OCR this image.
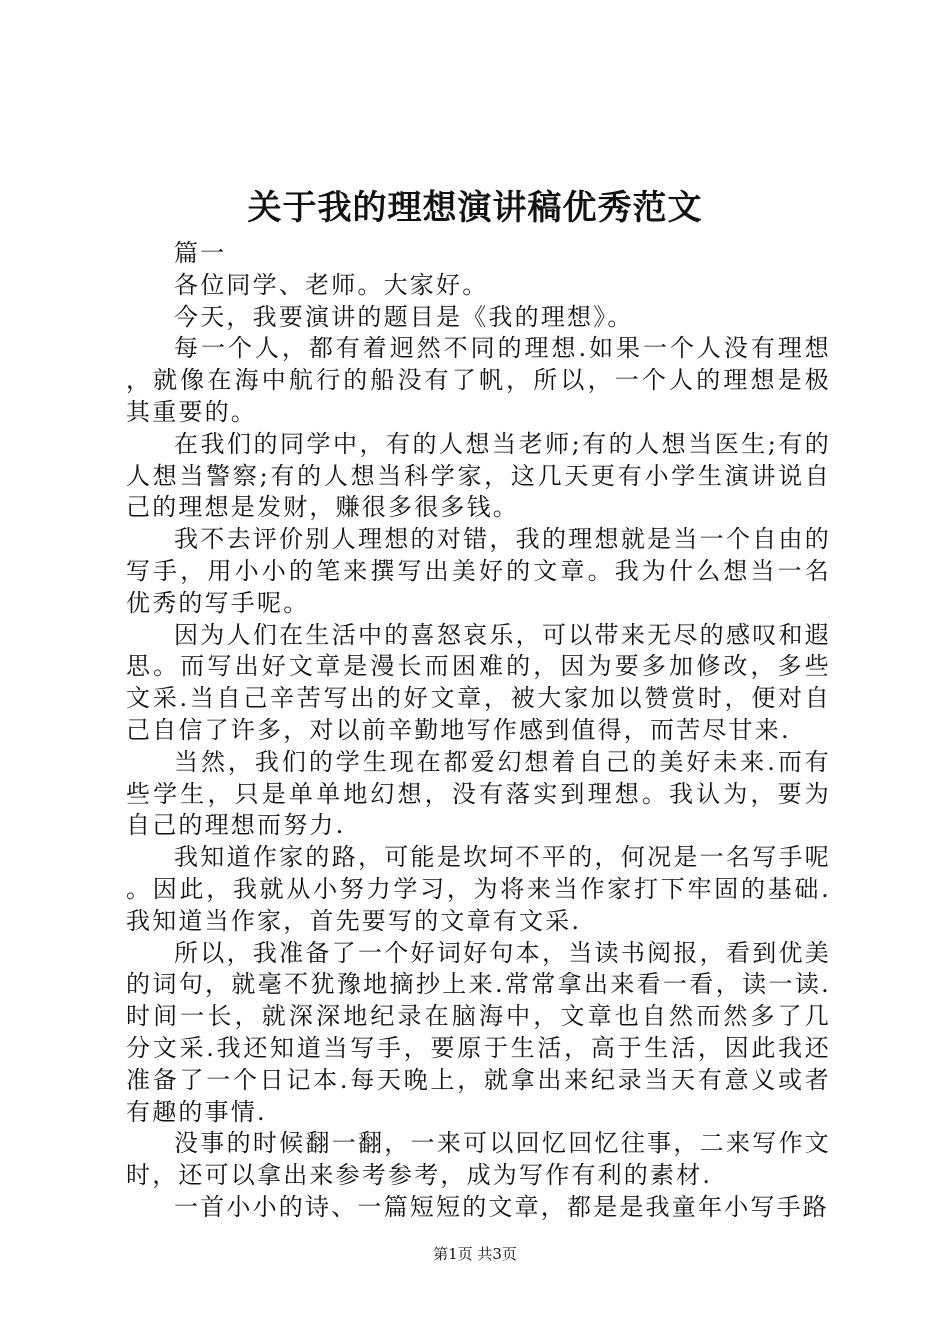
关于我的理想演讲稿优秀范文

篇一

各位同学、老师。大家好。

今天，我要演讲的题目是《我的理想》。

每一个人，都有着迥然不同的理想.如果一个人没有理想，就像在海中航行的船没有了帆，所以，一个人的理想是极其重要的。

在我们的同学中，有的人想当老师;有的人想当医生;有的人想当警察;有的人想当科学家，这几天更有小学生演讲说自己的理想是发财，赚很多很多钱。

我不去评价别人理想的对错，我的理想就是当一个自由的写手，用小小的笔来撰写出美好的文章。我为什么想当一名优秀的写手呢。

因为人们在生活中的喜怒哀乐，可以带来无尽的感叹和遐思。而写出好文章是漫长而困难的，因为要多加修改，多些文采.当自己辛苦写出的好文章，被大家加以赞赏时，便对自己自信了许多，对以前辛勤地写作感到值得，而苦尽甘来.

当然，我们的学生现在都爱幻想着自己的美好未来.而有些学生，只是单单地幻想，没有落实到理想。我认为，要为自己的理想而努力.

我知道作家的路，可能是坎坷不平的，何况是一名写手呢。因此，我就从小努力学习，为将来当作家打下牢固的基础.我知道当作家，首先要写的文章有文采.

所以，我准备了一个好词好句本，当读书阅报，看到优美的词句，就毫不犹豫地摘抄上来.常常拿出来看一看，读一读.时间一长，就深深地纪录在脑海中，文章也自然而然多了几分文采.我还知道当写手，要原于生活，高于生活，因此我还准备了一个日记本.每天晚上，就拿出来纪录当天有意义或者有趣的事情.

没事的时候翻一翻，一来可以回忆回忆往事，二来写作文时，还可以拿出来参考参考，成为写作有利的素材.

一首小小的诗、一篇短短的文章，都是是我童年小写手路

第1页 共3页
